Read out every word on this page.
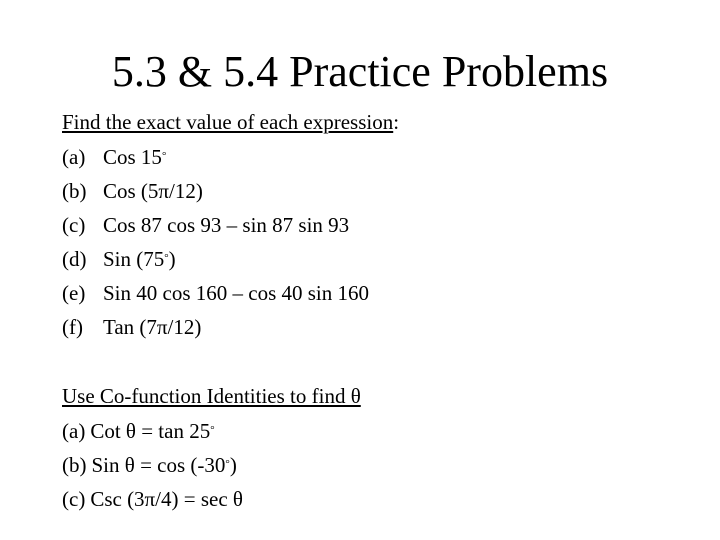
5.3 & 5.4 Practice Problems
Find the exact value of each expression:
(a) Cos 15°
(b) Cos (5π/12)
(c) Cos 87 cos 93 – sin 87 sin 93
(d) Sin (75°)
(e) Sin 40 cos 160 – cos 40 sin 160
(f) Tan (7π/12)
Use Co-function Identities to find θ
(a) Cot θ = tan 25°
(b) Sin θ = cos (-30°)
(c) Csc (3π/4) = sec θ
